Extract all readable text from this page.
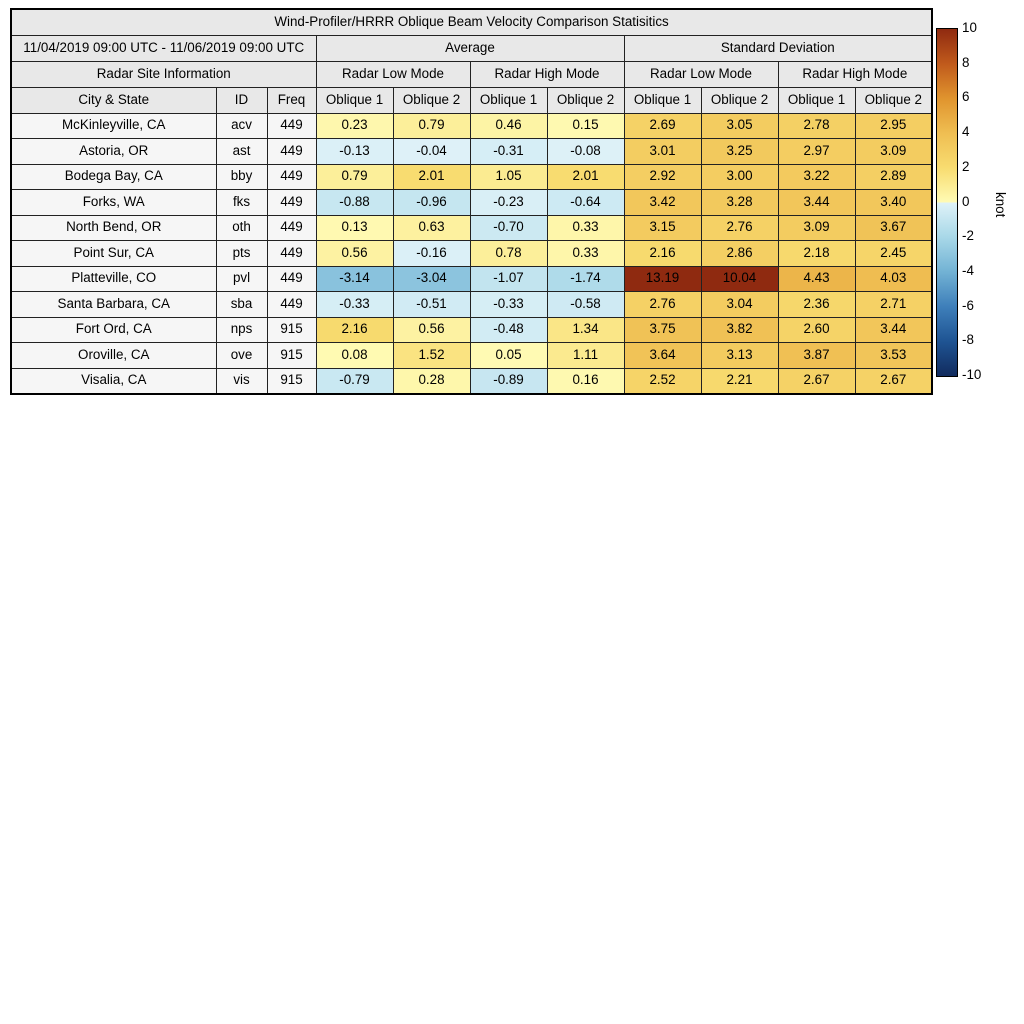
Wind-Profiler/HRRR Oblique Beam Velocity Comparison Statisitics										
11/04/2019 09:00 UTC - 11/06/2019 09:00 UTC			Average				Standard Deviation			
Radar Site Information			Radar Low Mode		Radar High Mode		Radar Low Mode		Radar High Mode	
City & State	ID	Freq	Oblique 1	Oblique 2	Oblique 1	Oblique 2	Oblique 1	Oblique 2	Oblique 1	Oblique 2
McKinleyville, CA	acv	449	0.23	0.79	0.46	0.15	2.69	3.05	2.78	2.95
Astoria, OR	ast	449	-0.13	-0.04	-0.31	-0.08	3.01	3.25	2.97	3.09
Bodega Bay, CA	bby	449	0.79	2.01	1.05	2.01	2.92	3.00	3.22	2.89
Forks, WA	fks	449	-0.88	-0.96	-0.23	-0.64	3.42	3.28	3.44	3.40
North Bend, OR	oth	449	0.13	0.63	-0.70	0.33	3.15	2.76	3.09	3.67
Point Sur, CA	pts	449	0.56	-0.16	0.78	0.33	2.16	2.86	2.18	2.45
Platteville, CO	pvl	449	-3.14	-3.04	-1.07	-1.74	13.19	10.04	4.43	4.03
Santa Barbara, CA	sba	449	-0.33	-0.51	-0.33	-0.58	2.76	3.04	2.36	2.71
Fort Ord, CA	nps	915	2.16	0.56	-0.48	1.34	3.75	3.82	2.60	3.44
Oroville, CA	ove	915	0.08	1.52	0.05	1.11	3.64	3.13	3.87	3.53
Visalia, CA	vis	915	-0.79	0.28	-0.89	0.16	2.52	2.21	2.67	2.67
10
8
6
4
2
0
-2
-4
-6
-8
-10
knot
